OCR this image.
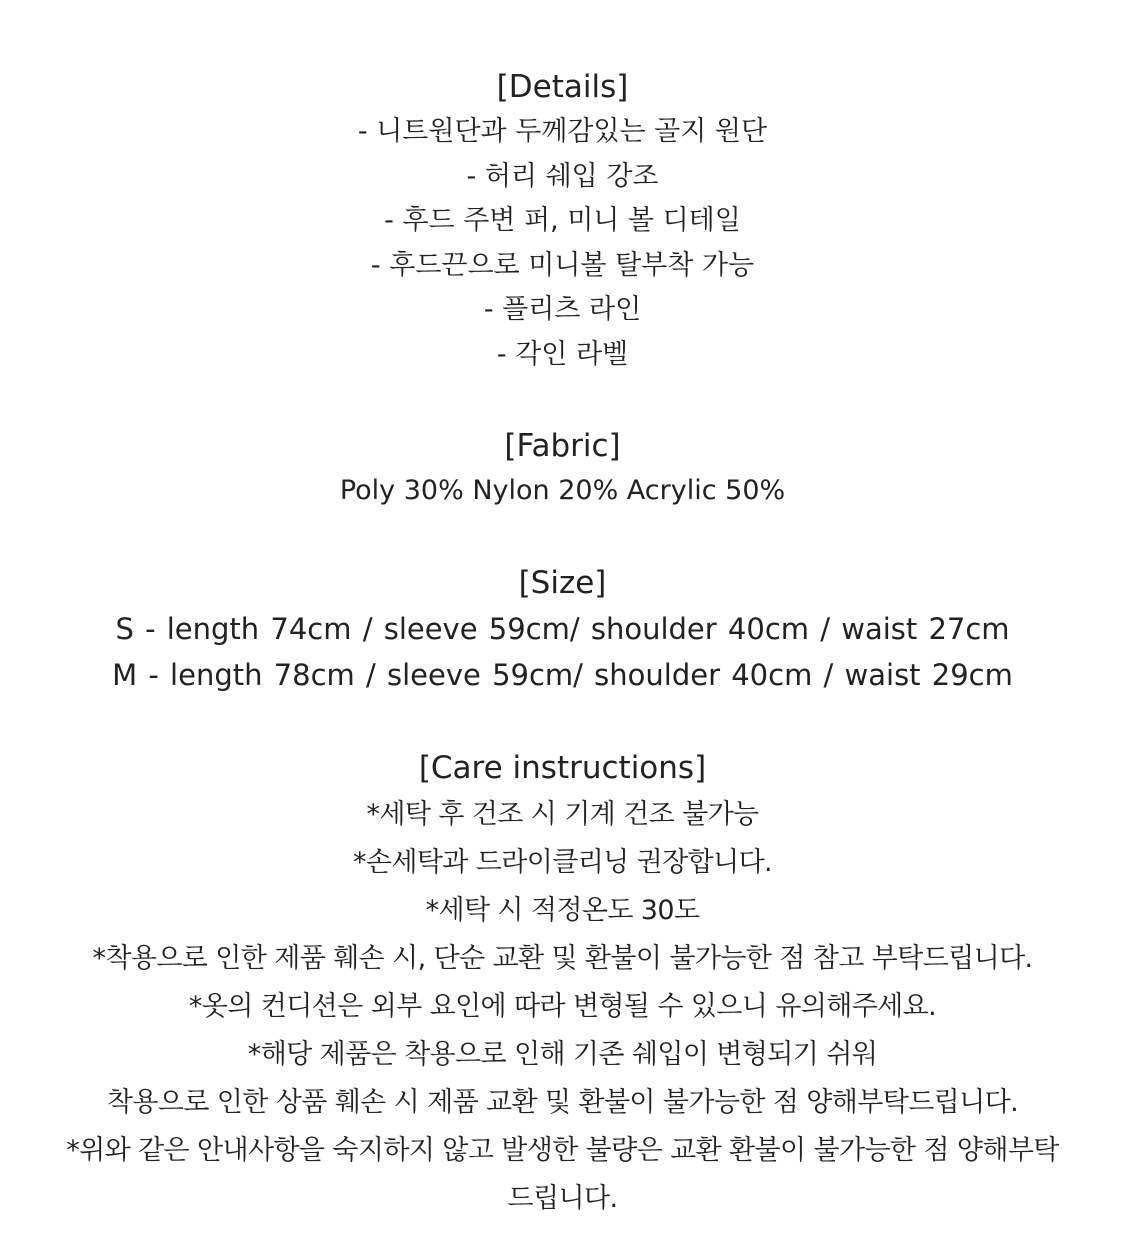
[Details]
- 니트원단과 두께감있는 골지 원단
- 허리 쉐입 강조
- 후드 주변 퍼, 미니 볼 디테일
- 후드끈으로 미니볼 탈부착 가능
- 플리츠 라인
- 각인 라벨
[Fabric]
Poly 30% Nylon 20% Acrylic 50%
[Size]
S - length 74cm / sleeve 59cm/ shoulder 40cm / waist 27cm
M - length 78cm / sleeve 59cm/ shoulder 40cm / waist 29cm
[Care instructions]
*세탁 후 건조 시 기계 건조 불가능
*손세탁과 드라이클리닝 권장합니다.
*세탁 시 적정온도 30도
*착용으로 인한 제품 훼손 시, 단순 교환 및 환불이 불가능한 점 참고 부탁드립니다.
*옷의 컨디션은 외부 요인에 따라 변형될 수 있으니 유의해주세요.
*해당 제품은 착용으로 인해 기존 쉐입이 변형되기 쉬워
착용으로 인한 상품 훼손 시 제품 교환 및 환불이 불가능한 점 양해부탁드립니다.
*위와 같은 안내사항을 숙지하지 않고 발생한 불량은 교환 환불이 불가능한 점 양해부탁
드립니다.
